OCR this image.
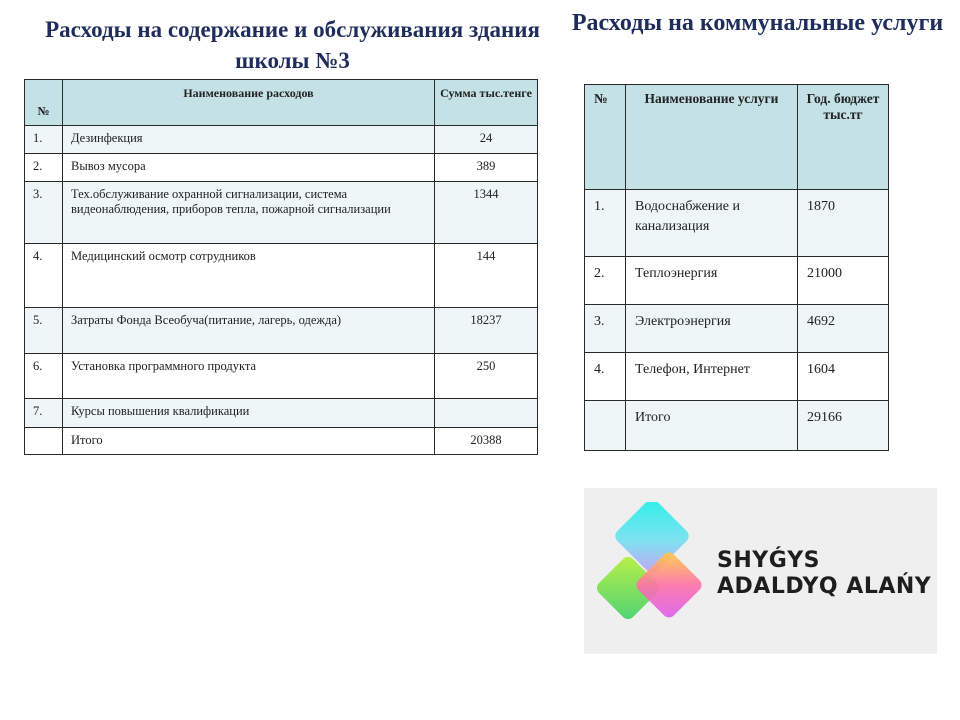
Расходы на содержание и обслуживания здания школы №3
№	Наименование расходов	Сумма тыс.тенге
1.	Дезинфекция	24
2.	Вывоз мусора	389
3.	Тех.обслуживание охранной сигнализации, система видеонаблюдения, приборов тепла, пожарной сигнализации	1344
4.	Медицинский осмотр сотрудников	144
5.	Затраты Фонда Всеобуча(питание, лагерь, одежда)	18237
6.	Установка программного продукта	250
7.	Курсы повышения квалификации	
	Итого	20388
Расходы на коммунальные услуги
№	Наименование услуги	Год. бюджет тыс.тг
1.	Водоснабжение и канализация	1870
2.	Теплоэнергия	21000
3.	Электроэнергия	4692
4.	Телефон, Интернет	1604
	Итого	29166
SHYǴYS
ADALDYQ ALAŃY
